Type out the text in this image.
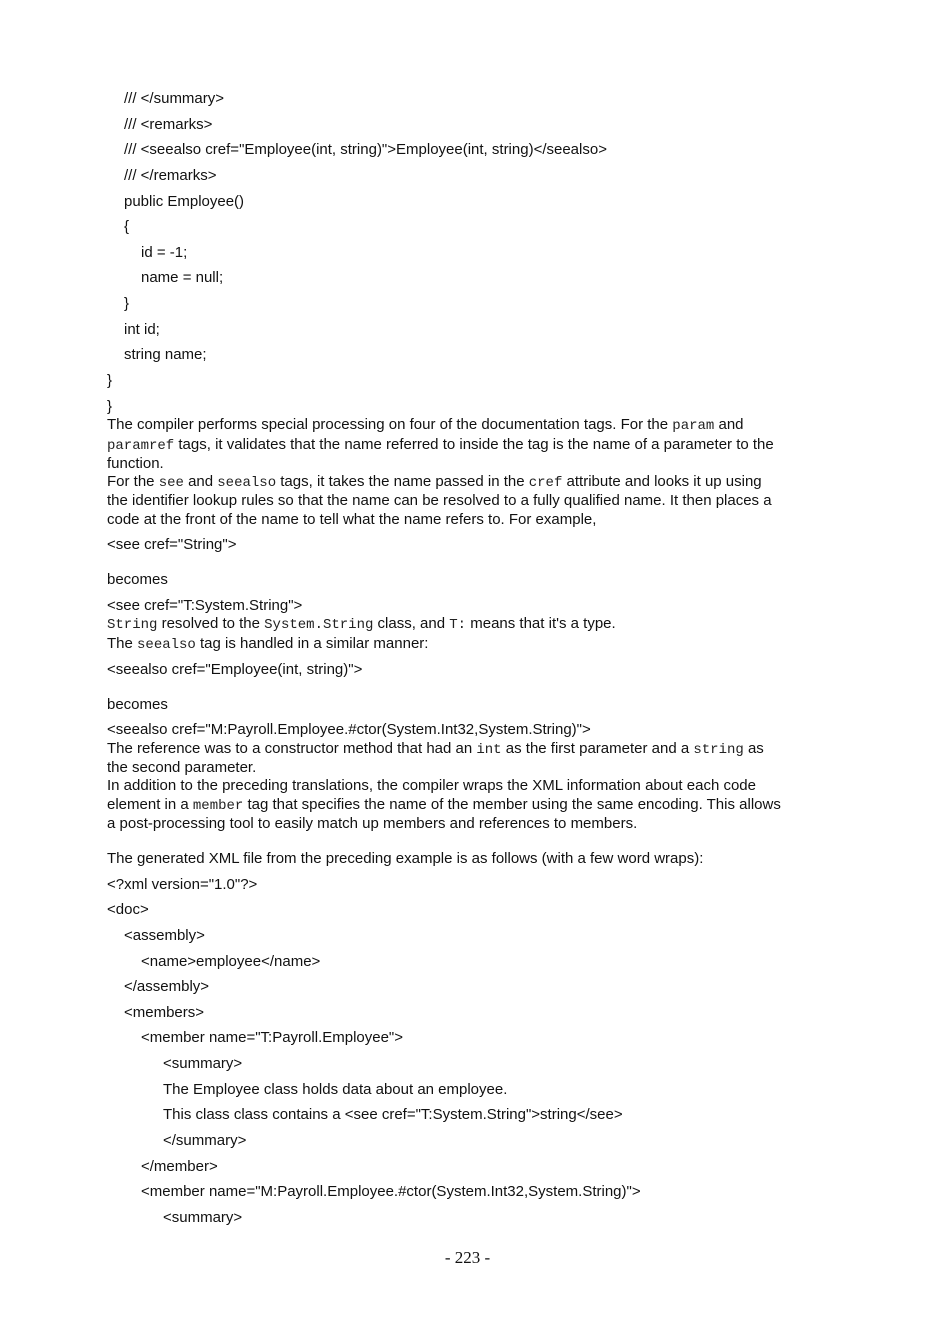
/// </summary>
/// <remarks>
/// <seealso cref="Employee(int, string)">Employee(int, string)</seealso>
/// </remarks>
public Employee()
{
id = -1;
name = null;
}
int id;
string name;
}
}
The compiler performs special processing on four of the documentation tags. For the param and
paramref tags, it validates that the name referred to inside the tag is the name of a parameter to the
function.
For the see and seealso tags, it takes the name passed in the cref attribute and looks it up using
the identifier lookup rules so that the name can be resolved to a fully qualified name. It then places a
code at the front of the name to tell what the name refers to. For example,
<see cref="String">
becomes
<see cref="T:System.String">
String resolved to the System.String class, and T: means that it's a type.
The seealso tag is handled in a similar manner:
<seealso cref="Employee(int, string)">
becomes
<seealso cref="M:Payroll.Employee.#ctor(System.Int32,System.String)">
The reference was to a constructor method that had an int as the first parameter and a string as
the second parameter.
In addition to the preceding translations, the compiler wraps the XML information about each code
element in a member tag that specifies the name of the member using the same encoding. This allows
a post-processing tool to easily match up members and references to members.
The generated XML file from the preceding example is as follows (with a few word wraps):
<?xml version="1.0"?>
<doc>
<assembly>
<name>employee</name>
</assembly>
<members>
<member name="T:Payroll.Employee">
<summary>
The Employee class holds data about an employee.
This class class contains a <see cref="T:System.String">string</see>
</summary>
</member>
<member name="M:Payroll.Employee.#ctor(System.Int32,System.String)">
<summary>
- 223 -
